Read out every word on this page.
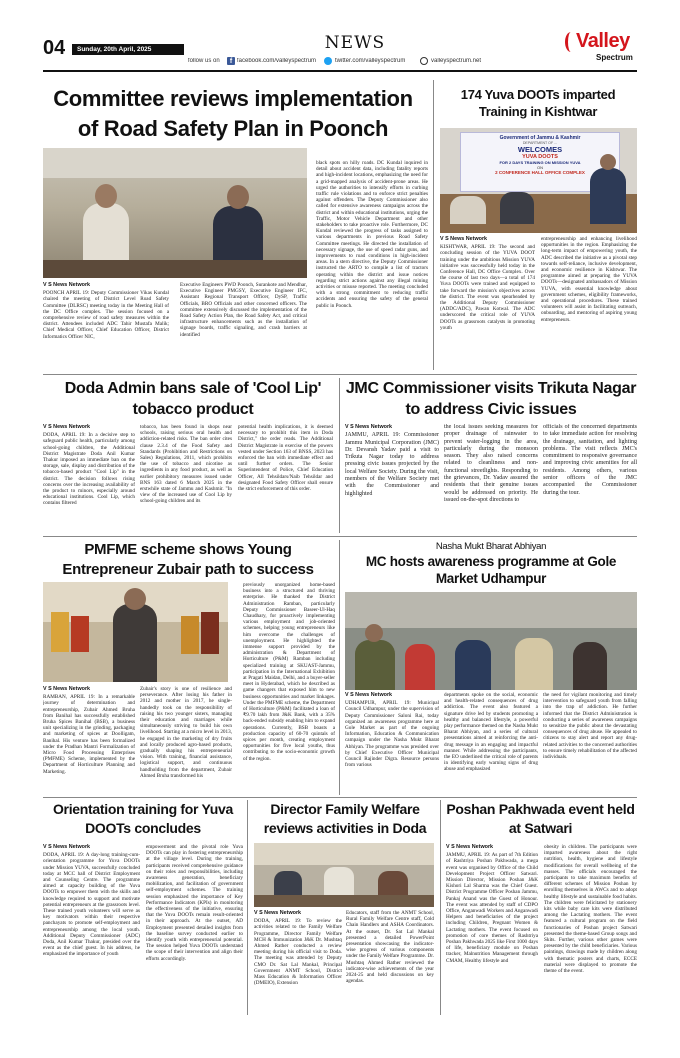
04	Sunday, 20th April, 2025	NEWS
follow us on	f facebook.com/valleyspectrum	twitter.com/valleyspectrum	valleyspectrum.net
Valley
Spectrum
Committee reviews implementation of Road Safety Plan in Poonch
V S News Network

POONCH APRIL 19: Deputy Commissioner Vikas Kundal chaired the meeting of District Level Road Safety Committee (DLRSC) meeting today in the Meeting Hall of the DC Office complex. The session focused on a comprehensive review of road safety measures within the district. Attendees included ADC Tahir Mustafa Malik; Chief Medical Officer, Chief Education Officer, District Informatics Officer NIC,

Executive Engineers PWD Poonch, Surankote and Mendhar, Executive Engineer PMGSY, Executive Engineer IFC, Assistant Regional Transport Officer, DySP, Traffic Officials, BRO Officials and other concerned officers. The committee extensively discussed the implementation of the Road Safety Action Plan, the Road Safety Act, and critical infrastructure enhancements such as the installation of signage boards, traffic signaling, and crash barriers at identified

black spots on hilly roads. DC Kundal inquired in detail about accident data, including fatality reports and high-incident locations, emphasizing the need for a grid-mapped analysis of accident-prone areas. He urged the authorities to intensify efforts in curbing traffic rule violations and to enforce strict penalties against offenders. The Deputy Commissioner also called for extensive awareness campaigns across the district and within educational institutions, urging the Traffic, Motor Vehicle Department and other stakeholders to take proactive role. Furthermore, DC Kundal reviewed the progress of tasks assigned to various departments in previous Road Safety Committee meetings. He directed the installation of necessary signage, the use of speed radar guns, and improvements to road conditions in high-incident areas. In a stern directive, the Deputy Commissioner instructed the ARTO to compile a list of tractors operating within the district and issue notices regarding strict actions against any illegal mining activities or misuse reported. The meeting concluded with a strong commitment to reducing traffic accidents and ensuring the safety of the general public in Poonch.

174 Yuva DOOTs imparted Training in Kishtwar
Government of Jammu & Kashmir
DEPARTMENT OF ...
WELCOMES
YUVA DOOTS
FOR 2 DAYS TRAINING ON MISSION YUVA
ON
2 CONFERENCE HALL OFFICE COMPLEX
V S News Network

KISHTWAR, APRIL 19: The second and concluding session of the YUVA DOOT training under the ambitious Mission YUVA initiative was successfully held today in the Conference Hall, DC Office Complex. Over the course of last two days—a total of 174 Yuva DOOTs were trained and equipped to take forward the mission's objectives across the district. The event was spearheaded by the Additional Deputy Commissioner (ADDC/ADC), Pawan Kotwal. The ADC underscored the critical role of YUVA DOOTs as grassroots catalysts in promoting youth

entrepreneurship and enhancing livelihood opportunities in the region. Emphasizing the long-term impact of empowering youth, the ADC described the initiative as a pivotal step towards self-reliance, inclusive development, and economic resilience in Kishtwar. The programme aimed at preparing the YUVA DOOTs—designated ambassadors of Mission YUVA, with essential knowledge about government schemes, eligibility frameworks, and operational procedures. These trained volunteers will assist in facilitating outreach, onboarding, and mentoring of aspiring young entrepreneurs.

Doda Admin bans sale of 'Cool Lip' tobacco product
V S News Network

DODA, APRIL 19: In a decisive step to safeguard public health, particularly among school-going children, the Additional District Magistrate Doda Anil Kumar Thakur imposed an immediate ban on the storage, sale, display and distribution of the tobacco-based product "Cool Lip" in the district. The decision follows rising concerns over the increasing availability of the product to minors, especially around educational institutions. Cool Lip, which contains filtered

tobacco, has been found in shops near schools, raising serious oral health and addiction-related risks. The ban order cites clause 2.3.4 of the Food Safety and Standards (Prohibition and Restrictions on Sales) Regulations, 2011, which prohibits the use of tobacco and nicotine as ingredients in any food product, as well as earlier prohibitory measures issued under BNS 163 dated 6 March 2025 in the erstwhile state of Jammu and Kashmir. "In view of the increased use of Cool Lip by school-going children and its

potential health implications, it is deemed necessary to prohibit this item in Doda District," the order reads. The Additional District Magistrate in exercise of the powers vested under Section 163 of BNSS, 2023 has enforced the ban with immediate effect and until further orders. The Senior Superintendent of Police, Chief Education Officer, All Tehsildars/Naib Tehsildar and designated Food Safety Officer shall ensure the strict enforcement of this order.

JMC Commissioner visits Trikuta Nagar to address Civic issues
V S News Network

JAMMU, APRIL 19: Commissioner Jammu Municipal Corporation (JMC) Dr. Devansh Yadav paid a visit to Trikuta Nagar today to address pressing civic issues projected by the local Welfare Society. During the visit, members of the Welfare Society met with the Commissioner and highlighted

the local issues seeking measures for proper drainage of rainwater to prevent water-logging in the area, particularly during the monsoon season. They also raised concerns related to cleanliness and non-functional streetlights. Responding to the grievances, Dr. Yadav assured the residents that their genuine issues would be addressed on priority. He issued on-the-spot directions to

officials of the concerned departments to take immediate action for resolving the drainage, sanitation, and lighting problems. The visit reflects JMC's commitment to responsive governance and improving civic amenities for all residents. Among others, various senior officers of the JMC accompanied the Commissioner during the tour.

PMFME scheme shows Young Entrepreneur Zubair path to success
V S News Network

RAMBAN, APRIL 19: In a remarkable journey of determination and entrepreneurship, Zubair Ahmed Bruha from Banihal has successfully established Bruha Spices Banihal (BSB), a business unit specializing in the grinding, packaging and marketing of spices at Doolligam, Banihal. His venture has been formalized under the Pradhan Mantri Formalization of Micro Food Processing Enterprises (PMFME) Scheme, implemented by the Department of Horticulture Planning and Marketing.

Zubair's story is one of resilience and perseverance. After losing his father in 2012 and mother in 2017, he single-handedly took on the responsibility of raising his two younger sisters, managing their education and marriages while simultaneously striving to build his own livelihood. Starting at a micro level in 2013, he engaged in the marketing of dry fruits and locally produced agro-based products, gradually shaping his entrepreneurial vision. With training, financial assistance, logistical support, and continuous handholding from the department, Zubair Ahmed Bruha transformed his

previously unorganized home-based business into a structured and thriving enterprise. He thanked the District Administration Ramban, particularly Deputy Commissioner Baseer-Ul-Haq Chaudhary, for proactively implementing various employment and job-oriented schemes, helping young entrepreneurs like him overcome the challenges of unemployment. He highlighted the immense support provided by the administration & Department of Horticulture (P&M) Ramban including specialized training at SKUAST-Jammu, participation in the International Exhibition at Pragati Maidan, Delhi, and a buyer-seller meet in Hyderabad, which he described as game changers that exposed him to new business opportunities and market linkages. Under the PMFME scheme, the Department of Horticulture (P&M) facilitated a loan of ₹9.70 lakh from J&K Bank, with a 35% back-ended subsidy enabling him to expand operations. Currently, BSB boasts a production capacity of 60-70 quintals of spices per month, creating employment opportunities for five local youths, thus contributing to the socio-economic growth of the region.

Nasha Mukt Bharat Abhiyan
MC hosts awareness programme at Gole Market Udhampur
V S News Network

UDHAMPUR, APRIL 19: Municipal Council Udhampur, under the supervision of Deputy Commissioner Saloni Rai, today organized an awareness programme here at Gole Market as part of the ongoing Information, Education & Communication campaign under the Nasha Mukt Bharat Abhiyan. The programme was presided over by Chief Executive Officer Municipal Council Rajinder Digra. Resource persons from various

departments spoke on the social, economic and health-related consequences of drug addiction. The event also featured a signature drive led by students promoting a healthy and balanced lifestyle, a powerful play performance themed on the Nasha Mukt Bharat Abhiyan, and a series of cultural presentations aimed at reinforcing the anti-drug message in an engaging and impactful manner. While addressing the participants, the EO underlined the critical role of parents in identifying early warning signs of drug abuse and emphasized

the need for vigilant monitoring and timely intervention to safeguard youth from falling into the trap of addiction. He further informed that the District Administration is conducting a series of awareness campaigns to sensitize the public about the devastating consequences of drug abuse. He appealed to citizens to stay alert and report any drug-related activities to the concerned authorities to ensure timely rehabilitation of the affected individuals.

Orientation training for Yuva DOOTs concludes
V S News Network

DODA, APRIL 19: A day-long training-cum-orientation programme for Yuva DOOTs under Mission YUVA, successfully concluded today at MCC hall of District Employment and Counseling Centre. The programme aimed at capacity building of the Yuva DOOTs to empower them with the skills and knowledge required to support and motivate potential entrepreneurs at the grassroots level. These trained youth volunteers will serve as key motivators within their respective panchayats to promote self-employment and entrepreneurship among the local youth. Additional Deputy Commissioner (ADC) Doda, Anil Kumar Thakur, presided over the event as the chief guest. In his address, he emphasized the importance of youth

empowerment and the pivotal role Yuva DOOTs can play in fostering entrepreneurship at the village level. During the training, participants received comprehensive guidance on their roles and responsibilities, including awareness generation, beneficiary mobilization, and facilitation of government self-employment schemes. The training session emphasized the importance of Key Performance Indicators (KPIs) in monitoring the effectiveness of the initiative, ensuring that the Yuva DOOTs remain result-oriented in their approach. At the outset, AD Employment presented detailed insights from the baseline survey conducted earlier to identify youth with entrepreneurial potential. The session helped Yuva DOOTs understand the scope of their intervention and align their efforts accordingly.

Director Family Welfare reviews activities in Doda
V S News Network

DODA, APRIL 19: To review the activities related to the Family Welfare Programme, Director Family Welfare MCH & Immunization J&K Dr. Mushtaq Ahmed Rather conducted a review meeting during his official visit to Doda. The meeting was attended by Deputy CMO Dr. Sat Lal Mankal, Principal Government ANMT School, District Mass Education & Information Officer (DMEIO), Extension

Educators, staff from the ANMT School, Rural Family Welfare Centre staff, Cold Chain Handlers and ASHA Coordinators. At the outset, Dr. Sat Lal Mankal presented a detailed PowerPoint presentation showcasing the indicator-wise progress of various components under the Family Welfare Programme. Dr. Mushtaq Ahmed Rather reviewed the indicator-wise achievements of the year 2024-25 and held discussions on key agendas.

Poshan Pakhwada event held at Satwari
V S News Network

JAMMU, APRIL 19: As part of 7th Edition of Rashtriya Poshan Pakhwada, a mega event was organised by Office of the Child Development Project Officer Satwari. Mission Director, Mission Poshan J&K Kishori Lal Sharma was the Chief Guest. District Programme Officer Poshan Jammu, Pankaj Anand was the Guest of Honour. The event was attended by staff of CDPO Office, Anganwadi Workers and Anganwadi Helpers and beneficiaries of the project including Children, Pregnant Women & Lactating mothers. The event focused on promotion of core themes of Rashtriya Poshan Pakhwada 2025 like First 1000 days of life, beneficiary module on Poshan tracker, Malnutrition Management through CMAM, Healthy lifestyle and

obesity in children. The participants were imparted awareness about the right nutrition, health, hygiene and lifestyle modifications for overall wellbeing of the masses. The officials encouraged the participants to take maximum benefits of different schemes of Mission Poshan by enrolling themselves in AWCs and to adopt healthy lifestyle and sustainable food habits. The children were felicitated by stationery kits while baby care kits were distributed among the Lactating mothers. The event featured a cultural program on the field functionaries of Poshan project Satwari presented the theme-based Group songs and Skits. Further, various other games were presented by the child beneficiaries. Various paintings, drawings made by children along with thematic posters and charts, ECCE material were displayed to promote the theme of the event.
